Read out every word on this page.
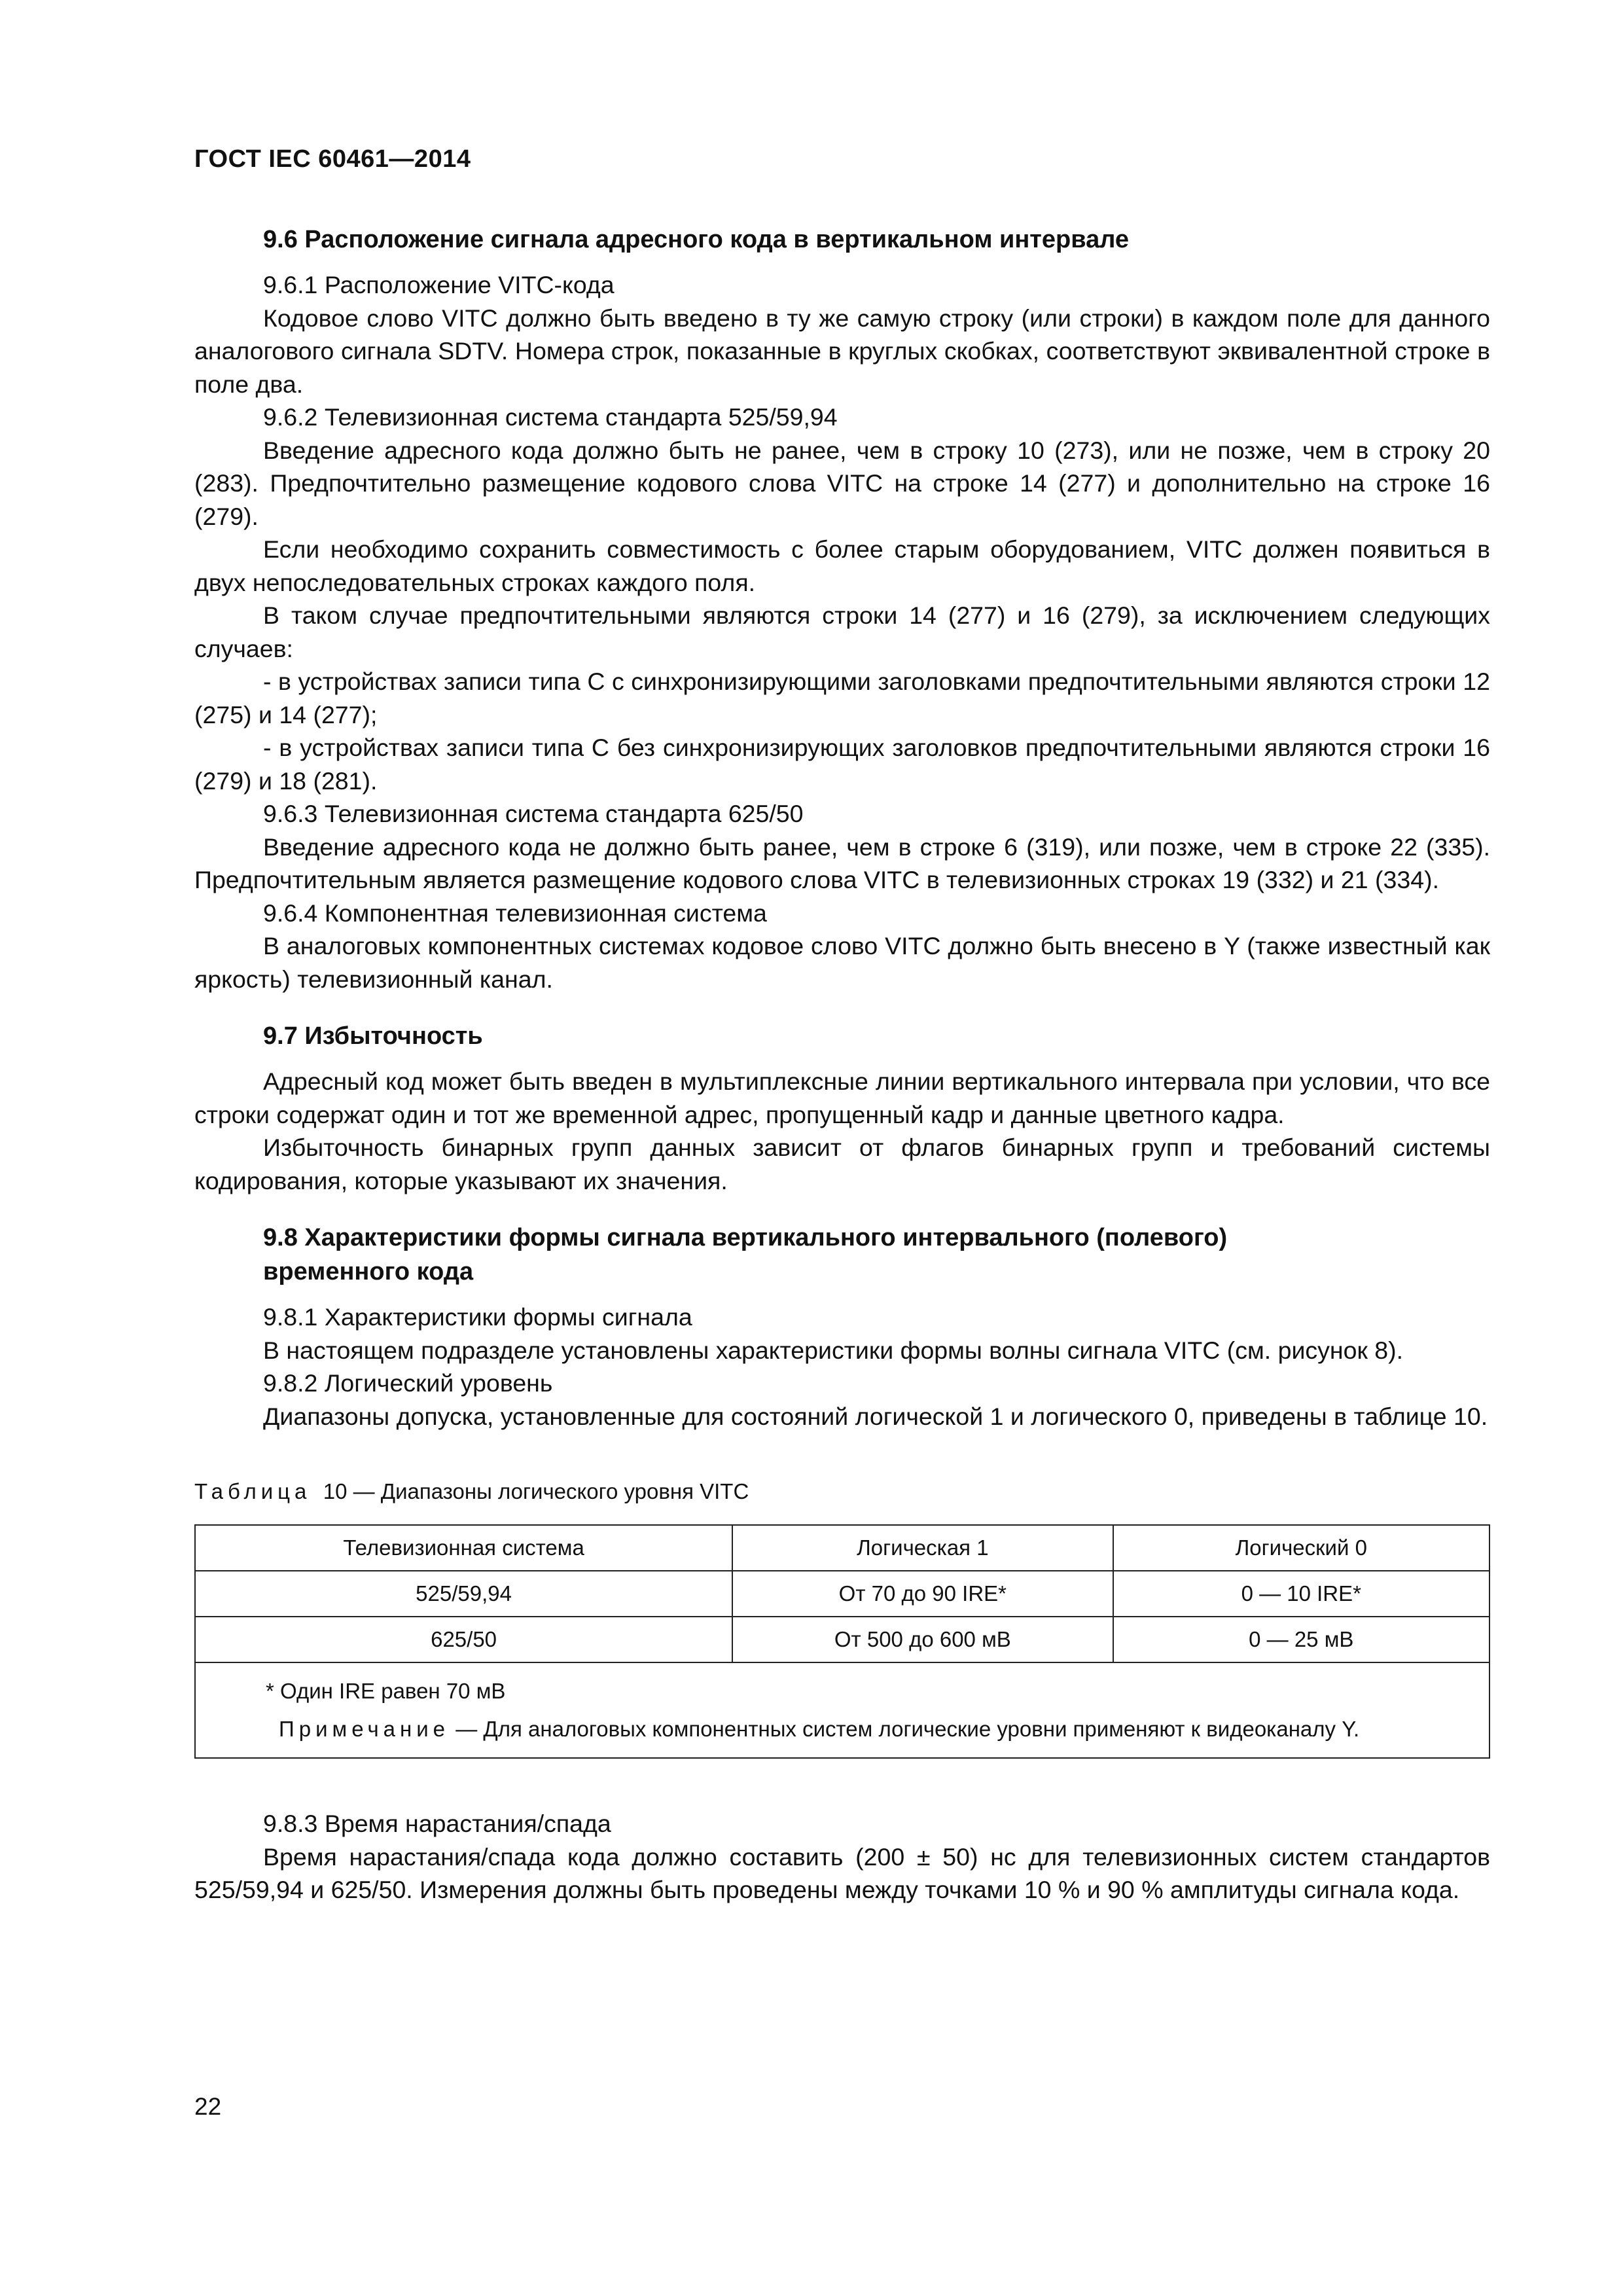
ГОСТ IEC 60461—2014

9.6 Расположение сигнала адресного кода в вертикальном интервале

9.6.1 Расположение VITC-кода

Кодовое слово VITC должно быть введено в ту же самую строку (или строки) в каждом поле для данного аналогового сигнала SDTV. Номера строк, показанные в круглых скобках, соответствуют эквивалентной строке в поле два.

9.6.2 Телевизионная система стандарта 525/59,94

Введение адресного кода должно быть не ранее, чем в строку 10 (273), или не позже, чем в строку 20 (283). Предпочтительно размещение кодового слова VITC на строке 14 (277) и дополнительно на строке 16 (279).

Если необходимо сохранить совместимость с более старым оборудованием, VITC должен появиться в двух непоследовательных строках каждого поля.

В таком случае предпочтительными являются строки 14 (277) и 16 (279), за исключением следующих случаев:

- в устройствах записи типа С с синхронизирующими заголовками предпочтительными являются строки 12 (275) и 14 (277);

- в устройствах записи типа С без синхронизирующих заголовков предпочтительными являются строки 16 (279) и 18 (281).

9.6.3 Телевизионная система стандарта 625/50

Введение адресного кода не должно быть ранее, чем в строке 6 (319), или позже, чем в строке 22 (335). Предпочтительным является размещение кодового слова VITC в телевизионных строках 19 (332) и 21 (334).

9.6.4 Компонентная телевизионная система

В аналоговых компонентных системах кодовое слово VITC должно быть внесено в Y (также известный как яркость) телевизионный канал.

9.7 Избыточность

Адресный код может быть введен в мультиплексные линии вертикального интервала при условии, что все строки содержат один и тот же временной адрес, пропущенный кадр и данные цветного кадра.

Избыточность бинарных групп данных зависит от флагов бинарных групп и требований системы кодирования, которые указывают их значения.

9.8 Характеристики формы сигнала вертикального интервального (полевого)

временного кода

9.8.1 Характеристики формы сигнала

В настоящем подразделе установлены характеристики формы волны сигнала VITC (см. рисунок 8).

9.8.2 Логический уровень

Диапазоны допуска, установленные для состояний логической 1 и логического 0, приведены в таблице 10.

Таблица 10 — Диапазоны логического уровня VITC

Телевизионная система	Логическая 1	Логический 0
525/59,94	От 70 до 90 IRE*	0 — 10 IRE*
625/50	От 500 до 600 мВ	0 — 25 мВ

* Один IRE равен 70 мВ
Примечание — Для аналоговых компонентных систем логические уровни применяют к видеоканалу Y.		

9.8.3 Время нарастания/спада

Время нарастания/спада кода должно составить (200 ± 50) нс для телевизионных систем стандартов 525/59,94 и 625/50. Измерения должны быть проведены между точками 10 % и 90 % амплитуды сигнала кода.

22
